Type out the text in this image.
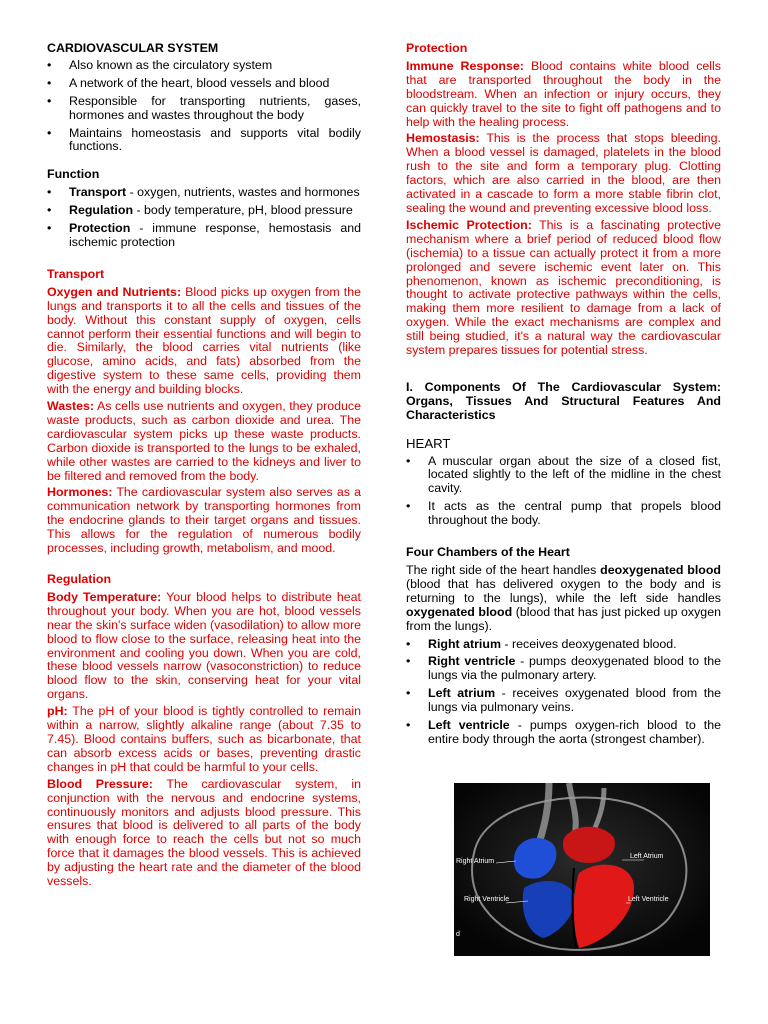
CARDIOVASCULAR SYSTEM
• Also known as the circulatory system
• A network of the heart, blood vessels and blood
• Responsible for transporting nutrients, gases, hormones and wastes throughout the body
• Maintains homeostasis and supports vital bodily functions.
Function
• Transport - oxygen, nutrients, wastes and hormones
• Regulation - body temperature, pH, blood pressure
• Protection - immune response, hemostasis and ischemic protection
Transport

Oxygen and Nutrients: Blood picks up oxygen from the lungs and transports it to all the cells and tissues of the body. Without this constant supply of oxygen, cells cannot perform their essential functions and will begin to die. Similarly, the blood carries vital nutrients (like glucose, amino acids, and fats) absorbed from the digestive system to these same cells, providing them with the energy and building blocks.

Wastes: As cells use nutrients and oxygen, they produce waste products, such as carbon dioxide and urea. The cardiovascular system picks up these waste products. Carbon dioxide is transported to the lungs to be exhaled, while other wastes are carried to the kidneys and liver to be filtered and removed from the body.

Hormones: The cardiovascular system also serves as a communication network by transporting hormones from the endocrine glands to their target organs and tissues. This allows for the regulation of numerous bodily processes, including growth, metabolism, and mood.

Regulation

Body Temperature: Your blood helps to distribute heat throughout your body. When you are hot, blood vessels near the skin's surface widen (vasodilation) to allow more blood to flow close to the surface, releasing heat into the environment and cooling you down. When you are cold, these blood vessels narrow (vasoconstriction) to reduce blood flow to the skin, conserving heat for your vital organs.

pH: The pH of your blood is tightly controlled to remain within a narrow, slightly alkaline range (about 7.35 to 7.45). Blood contains buffers, such as bicarbonate, that can absorb excess acids or bases, preventing drastic changes in pH that could be harmful to your cells.

Blood Pressure: The cardiovascular system, in conjunction with the nervous and endocrine systems, continuously monitors and adjusts blood pressure. This ensures that blood is delivered to all parts of the body with enough force to reach the cells but not so much force that it damages the blood vessels. This is achieved by adjusting the heart rate and the diameter of the blood vessels.

Protection

Immune Response: Blood contains white blood cells that are transported throughout the body in the bloodstream. When an infection or injury occurs, they can quickly travel to the site to fight off pathogens and to help with the healing process.

Hemostasis: This is the process that stops bleeding. When a blood vessel is damaged, platelets in the blood rush to the site and form a temporary plug. Clotting factors, which are also carried in the blood, are then activated in a cascade to form a more stable fibrin clot, sealing the wound and preventing excessive blood loss.

Ischemic Protection: This is a fascinating protective mechanism where a brief period of reduced blood flow (ischemia) to a tissue can actually protect it from a more prolonged and severe ischemic event later on. This phenomenon, known as ischemic preconditioning, is thought to activate protective pathways within the cells, making them more resilient to damage from a lack of oxygen. While the exact mechanisms are complex and still being studied, it's a natural way the cardiovascular system prepares tissues for potential stress.

I. Components Of The Cardiovascular System: Organs, Tissues And Structural Features And Characteristics

HEART
• A muscular organ about the size of a closed fist, located slightly to the left of the midline in the chest cavity.
• It acts as the central pump that propels blood throughout the body.
Four Chambers of the Heart

The right side of the heart handles deoxygenated blood (blood that has delivered oxygen to the body and is returning to the lungs), while the left side handles oxygenated blood (blood that has just picked up oxygen from the lungs).

• Right atrium - receives deoxygenated blood.
• Right ventricle - pumps deoxygenated blood to the lungs via the pulmonary artery.
• Left atrium - receives oxygenated blood from the lungs via pulmonary veins.
• Left ventricle - pumps oxygen-rich blood to the entire body through the aorta (strongest chamber).
Right Atrium
Left Atrium
Right Ventricle	Left Ventricle
d
